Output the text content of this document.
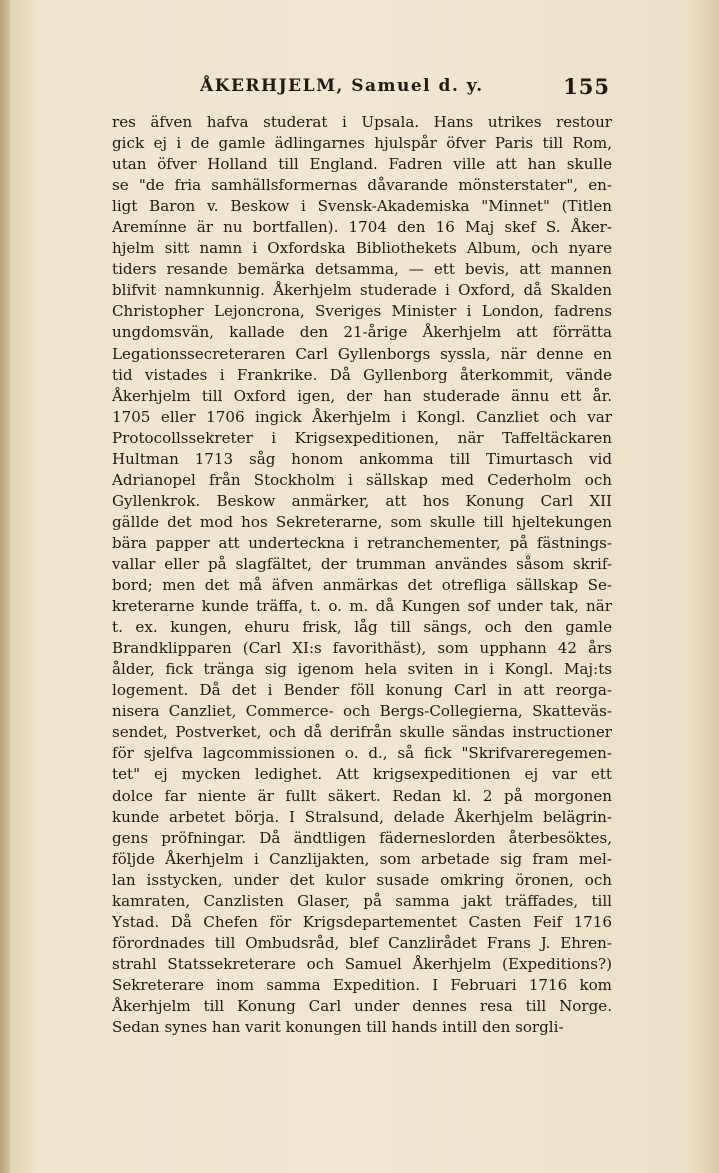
ÅKERHJELM, Samuel d. y.	155
res äfven hafva studerat i Upsala. Hans utrikes restour
gick ej i de gamle ädlingarnes hjulspår öfver Paris till Rom,
utan öfver Holland till England. Fadren ville att han skulle
se "de fria samhällsformernas dåvarande mönsterstater", en-
ligt Baron v. Beskow i Svensk-Akademiska "Minnet" (Titlen
Aremínne är nu bortfallen). 1704 den 16 Maj skef S. Åker-
hjelm sitt namn i Oxfordska Bibliothekets Album, och nyare
tiders resande bemärka detsamma, — ett bevis, att mannen
blifvit namnkunnig. Åkerhjelm studerade i Oxford, då Skalden
Christopher Lejoncrona, Sveriges Minister i London, fadrens
ungdomsvän, kallade den 21-årige Åkerhjelm att förrätta
Legationssecreteraren Carl Gyllenborgs syssla, när denne en
tid vistades i Frankrike. Då Gyllenborg återkommit, vände
Åkerhjelm till Oxford igen, der han studerade ännu ett år.
1705 eller 1706 ingick Åkerhjelm i Kongl. Canzliet och var
Protocollssekreter i Krigsexpeditionen, när Taffeltäckaren
Hultman 1713 såg honom ankomma till Timurtasch vid
Adrianopel från Stockholm i sällskap med Cederholm och
Gyllenkrok. Beskow anmärker, att hos Konung Carl XII
gällde det mod hos Sekreterarne, som skulle till hjeltekungen
bära papper att underteckna i retranchementer, på fästnings-
vallar eller på slagfältet, der trumman användes såsom skrif-
bord; men det må äfven anmärkas det otrefliga sällskap Se-
kreterarne kunde träffa, t. o. m. då Kungen sof under tak, när
t. ex. kungen, ehuru frisk, låg till sängs, och den gamle
Brandklipparen (Carl XI:s favorithäst), som upphann 42 års
ålder, fick tränga sig igenom hela sviten in i Kongl. Maj:ts
logement. Då det i Bender föll konung Carl in att reorga-
nisera Canzliet, Commerce- och Bergs-Collegierna, Skatteväs-
sendet, Postverket, och då derifrån skulle sändas instructioner
för sjelfva lagcommissionen o. d., så fick "Skrifvareregemen-
tet" ej mycken ledighet. Att krigsexpeditionen ej var ett
dolce far niente är fullt säkert. Redan kl. 2 på morgonen
kunde arbetet börja. I Stralsund, delade Åkerhjelm belägrin-
gens pröfningar. Då ändtligen fäderneslorden återbesöktes,
följde Åkerhjelm i Canzlijakten, som arbetade sig fram mel-
lan isstycken, under det kulor susade omkring öronen, och
kamraten, Canzlisten Glaser, på samma jakt träffades, till
Ystad. Då Chefen för Krigsdepartementet Casten Feif 1716
förordnades till Ombudsråd, blef Canzlirådet Frans J. Ehren-
strahl Statssekreterare och Samuel Åkerhjelm (Expeditions?)
Sekreterare inom samma Expedition. I Februari 1716 kom
Åkerhjelm till Konung Carl under dennes resa till Norge.
Sedan synes han varit konungen till hands intill den sorgli-
